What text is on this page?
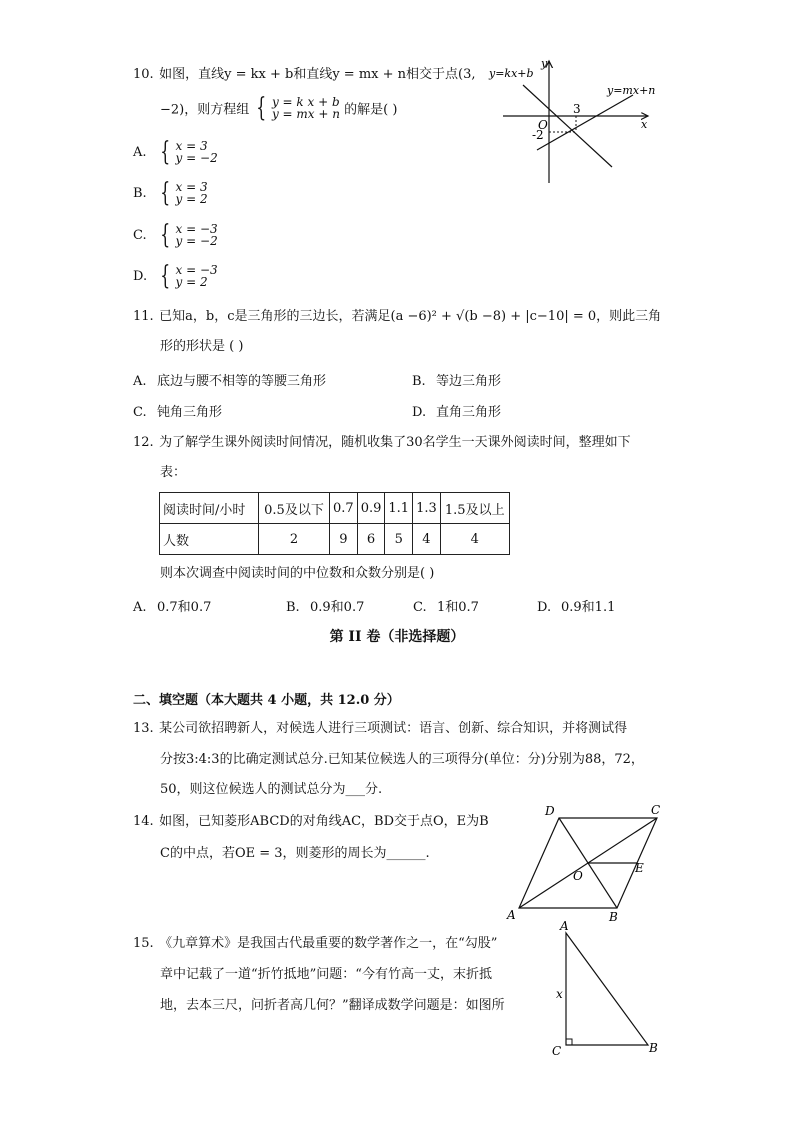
10. 如图，直线y = kx + b和直线y = mx + n相交于点(3,
−2)，则方程组 { y = k x + b
y = mx + n 的解是( )
y=kx+b
y=mx+n
y
x
O
3
-2
A. { x = 3
y = −2
B. { x = 3
y = 2
C. { x = −3
y = −2
D. { x = −3
y = 2
11. 已知a，b，c是三角形的三边长，若满足(a −6)² + √(b −8) + |c−10| = 0，则此三角
形的形状是 ( )
A. 底边与腰不相等的等腰三角形	B. 等边三角形
C. 钝角三角形	D. 直角三角形
12. 为了解学生课外阅读时间情况，随机收集了30名学生一天课外阅读时间，整理如下
表：
阅读时间/小时	0.5及以下	0.7	0.9	1.1	1.3	1.5及以上
人数	2	9	6	5	4	4
则本次调查中阅读时间的中位数和众数分别是( )
A. 0.7和0.7	B. 0.9和0.7	C. 1和0.7	D. 0.9和1.1
第 II 卷（非选择题）
二、填空题（本大题共 4 小题，共 12.0 分）
13. 某公司欲招聘新人，对候选人进行三项测试：语言、创新、综合知识，并将测试得
分按3:4:3的比确定测试总分.已知某位候选人的三项得分(单位：分)分别为88，72，
50，则这位候选人的测试总分为___分.
14. 如图，已知菱形ABCD的对角线AC，BD交于点O，E为B
C的中点，若OE = 3，则菱形的周长为______.
A	B
C
D
O
E
15. 《九章算术》是我国古代最重要的数学著作之一，在“勾股”
章中记载了一道“折竹抵地”问题：“今有竹高一丈，末折抵
地，去本三尺，问折者高几何？”翻译成数学问题是：如图所
A
B
C
x
